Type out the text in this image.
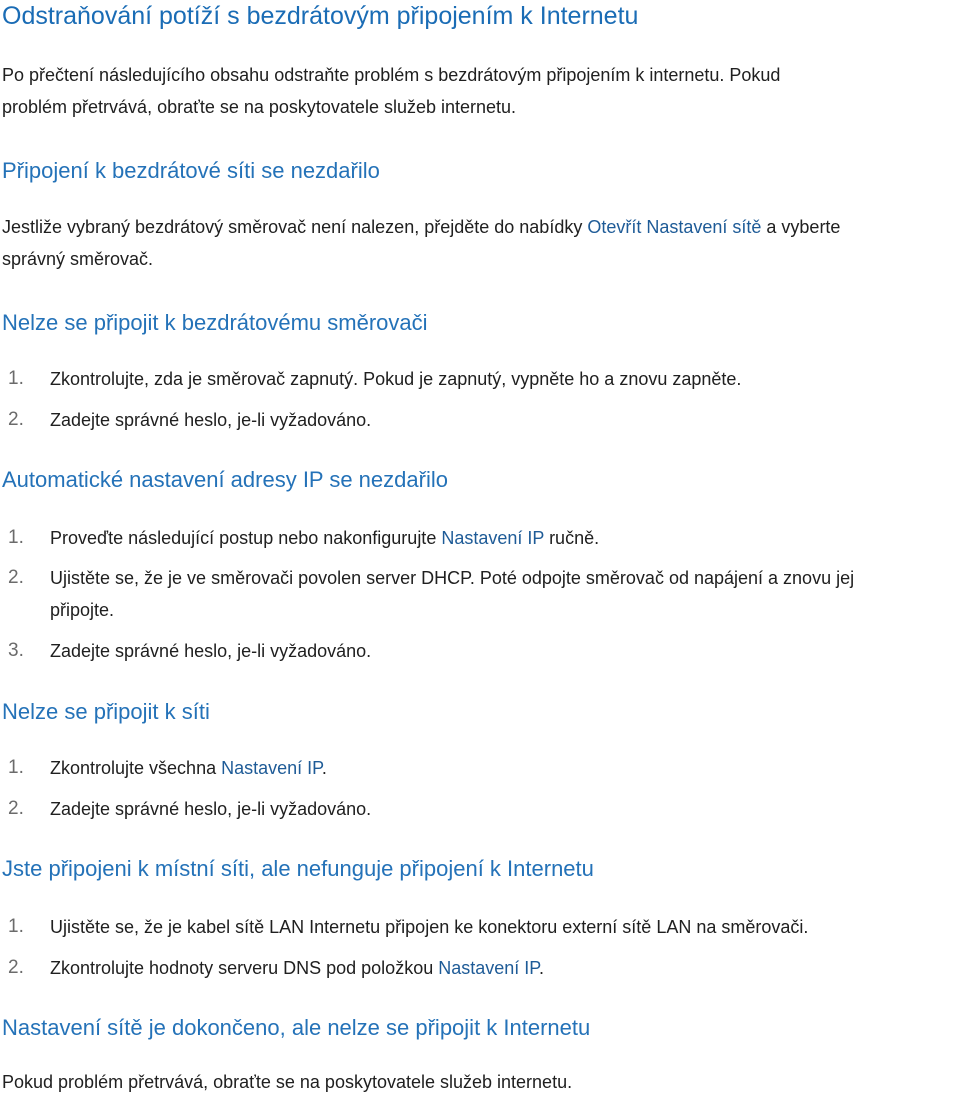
Odstraňování potíží s bezdrátovým připojením k Internetu
Po přečtení následujícího obsahu odstraňte problém s bezdrátovým připojením k internetu. Pokud
problém přetrvává, obraťte se na poskytovatele služeb internetu.
Připojení k bezdrátové síti se nezdařilo
Jestliže vybraný bezdrátový směrovač není nalezen, přejděte do nabídky Otevřít Nastavení sítě a vyberte
správný směrovač.
Nelze se připojit k bezdrátovému směrovači
1.	Zkontrolujte, zda je směrovač zapnutý. Pokud je zapnutý, vypněte ho a znovu zapněte.
2.	Zadejte správné heslo, je-li vyžadováno.
Automatické nastavení adresy IP se nezdařilo
1.	Proveďte následující postup nebo nakonfigurujte Nastavení IP ručně.
2.	Ujistěte se, že je ve směrovači povolen server DHCP. Poté odpojte směrovač od napájení a znovu jej
připojte.
3.	Zadejte správné heslo, je-li vyžadováno.
Nelze se připojit k síti
1.	Zkontrolujte všechna Nastavení IP.
2.	Zadejte správné heslo, je-li vyžadováno.
Jste připojeni k místní síti, ale nefunguje připojení k Internetu
1.	Ujistěte se, že je kabel sítě LAN Internetu připojen ke konektoru externí sítě LAN na směrovači.
2.	Zkontrolujte hodnoty serveru DNS pod položkou Nastavení IP.
Nastavení sítě je dokončeno, ale nelze se připojit k Internetu
Pokud problém přetrvává, obraťte se na poskytovatele služeb internetu.
